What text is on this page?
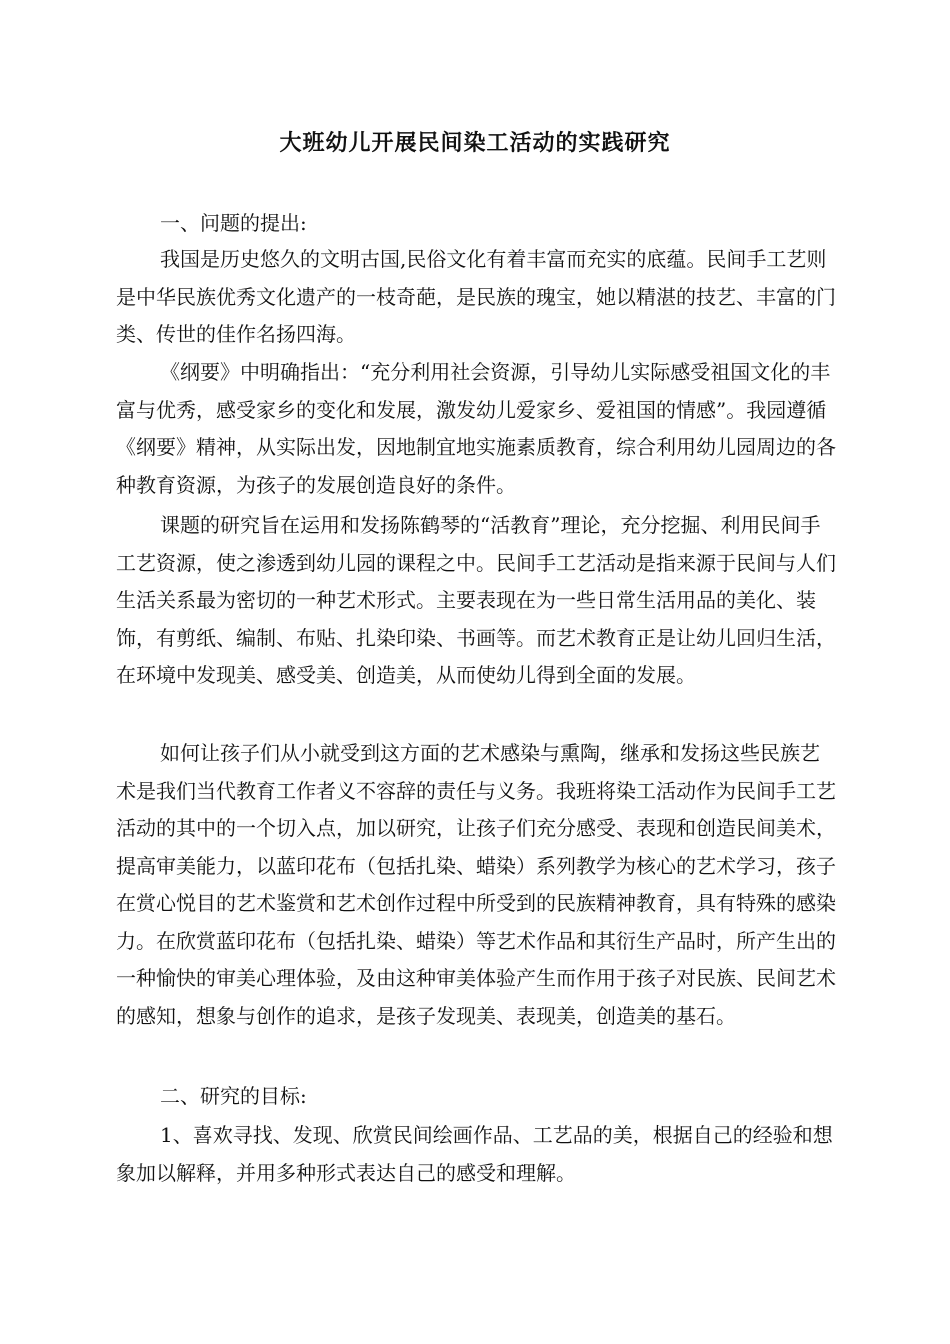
大班幼儿开展民间染工活动的实践研究
一、问题的提出:
我国是历史悠久的文明古国,民俗文化有着丰富而充实的底蕴。民间手工艺则是中华民族优秀文化遗产的一枝奇葩，是民族的瑰宝，她以精湛的技艺、丰富的门类、传世的佳作名扬四海。
《纲要》中明确指出：“充分利用社会资源，引导幼儿实际感受祖国文化的丰富与优秀，感受家乡的变化和发展，激发幼儿爱家乡、爱祖国的情感”。我园遵循《纲要》精神，从实际出发，因地制宜地实施素质教育，综合利用幼儿园周边的各种教育资源，为孩子的发展创造良好的条件。
课题的研究旨在运用和发扬陈鹤琴的“活教育”理论，充分挖掘、利用民间手工艺资源，使之渗透到幼儿园的课程之中。民间手工艺活动是指来源于民间与人们生活关系最为密切的一种艺术形式。主要表现在为一些日常生活用品的美化、装饰，有剪纸、编制、布贴、扎染印染、书画等。而艺术教育正是让幼儿回归生活，在环境中发现美、感受美、创造美，从而使幼儿得到全面的发展。
如何让孩子们从小就受到这方面的艺术感染与熏陶，继承和发扬这些民族艺术是我们当代教育工作者义不容辞的责任与义务。我班将染工活动作为民间手工艺活动的其中的一个切入点，加以研究，让孩子们充分感受、表现和创造民间美术，提高审美能力，以蓝印花布（包括扎染、蜡染）系列教学为核心的艺术学习，孩子在赏心悦目的艺术鉴赏和艺术创作过程中所受到的民族精神教育，具有特殊的感染力。在欣赏蓝印花布（包括扎染、蜡染）等艺术作品和其衍生产品时，所产生出的一种愉快的审美心理体验，及由这种审美体验产生而作用于孩子对民族、民间艺术的感知，想象与创作的追求，是孩子发现美、表现美，创造美的基石。
二、研究的目标:
1、喜欢寻找、发现、欣赏民间绘画作品、工艺品的美，根据自己的经验和想象加以解释，并用多种形式表达自己的感受和理解。
